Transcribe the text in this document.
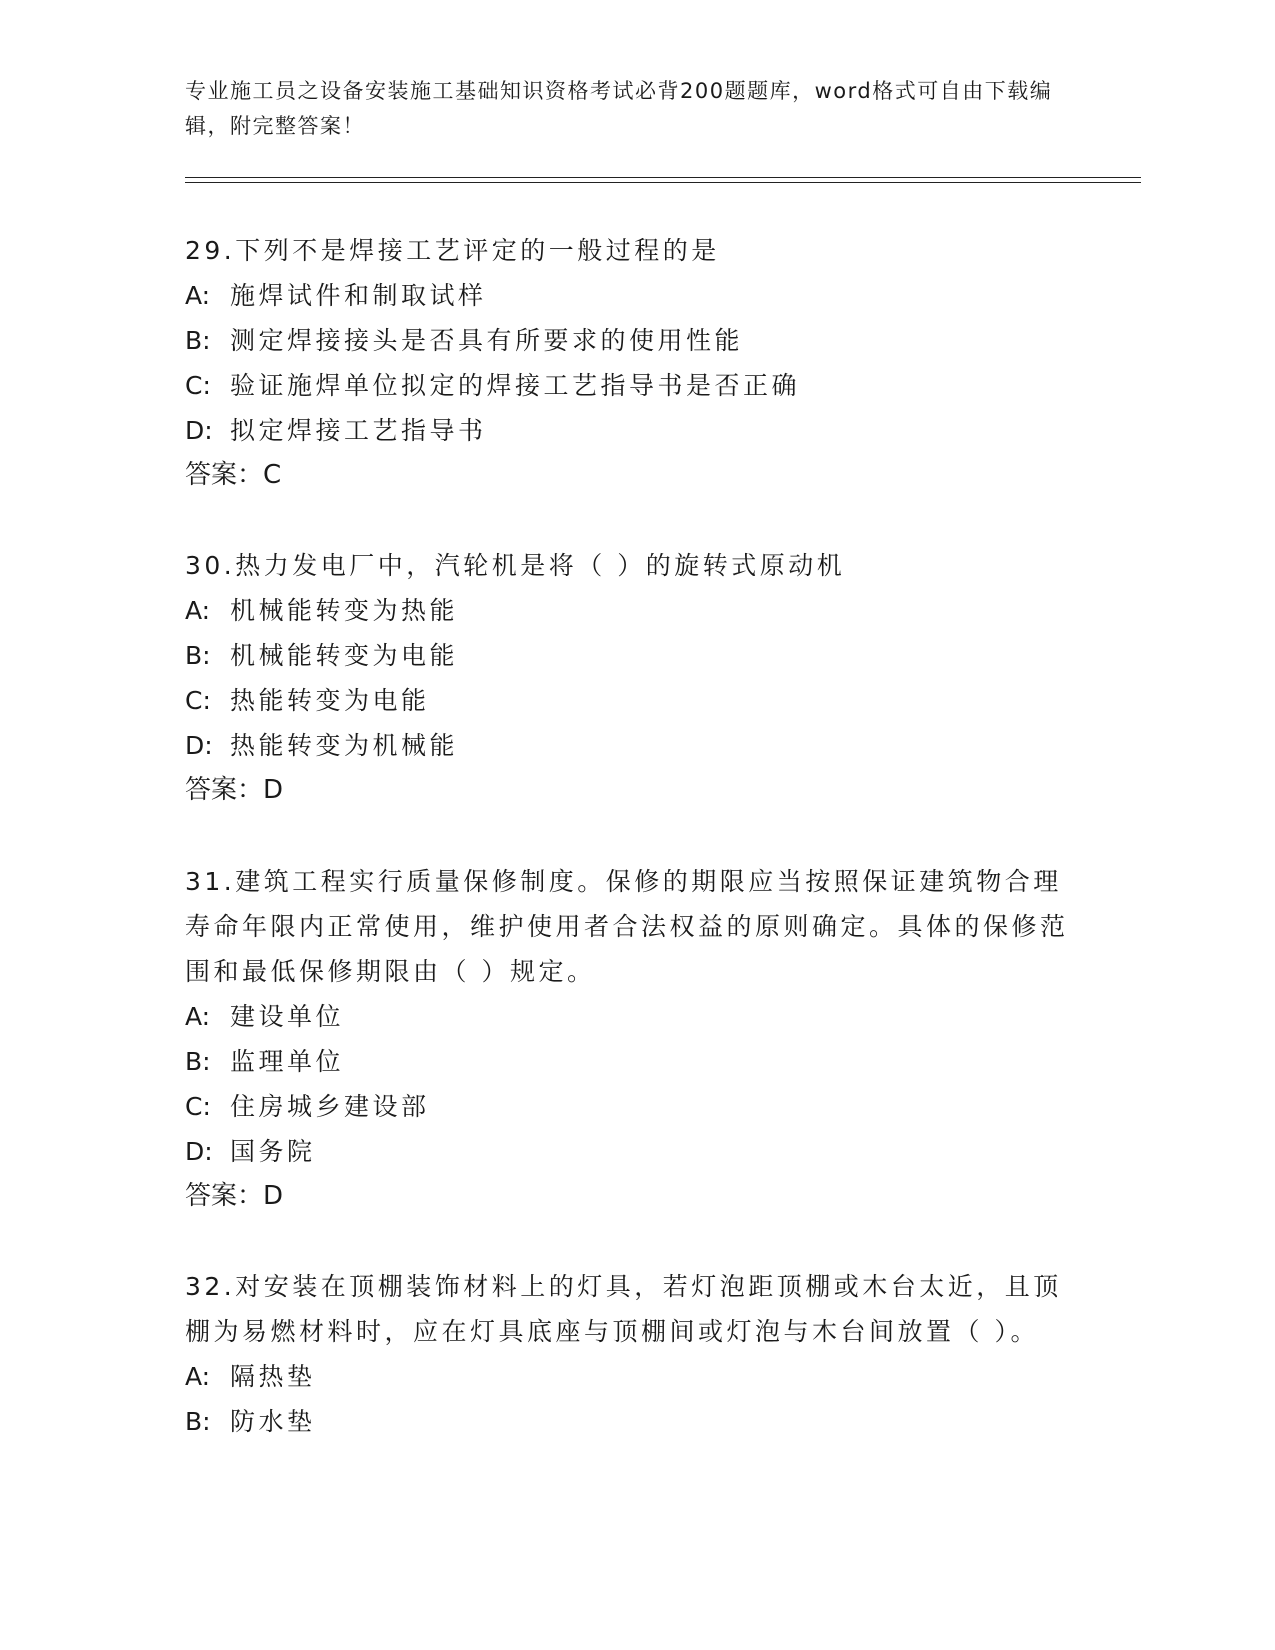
专业施工员之设备安装施工基础知识资格考试必背200题题库，word格式可自由下载编辑，附完整答案！
29.下列不是焊接工艺评定的一般过程的是
A: 施焊试件和制取试样
B: 测定焊接接头是否具有所要求的使用性能
C: 验证施焊单位拟定的焊接工艺指导书是否正确
D: 拟定焊接工艺指导书
答案：C
30.热力发电厂中，汽轮机是将（ ）的旋转式原动机
A: 机械能转变为热能
B: 机械能转变为电能
C: 热能转变为电能
D: 热能转变为机械能
答案：D
31.建筑工程实行质量保修制度。保修的期限应当按照保证建筑物合理寿命年限内正常使用，维护使用者合法权益的原则确定。具体的保修范围和最低保修期限由（ ）规定。
A: 建设单位
B: 监理单位
C: 住房城乡建设部
D: 国务院
答案：D
32.对安装在顶棚装饰材料上的灯具，若灯泡距顶棚或木台太近，且顶棚为易燃材料时，应在灯具底座与顶棚间或灯泡与木台间放置（ ）。
A: 隔热垫
B: 防水垫
